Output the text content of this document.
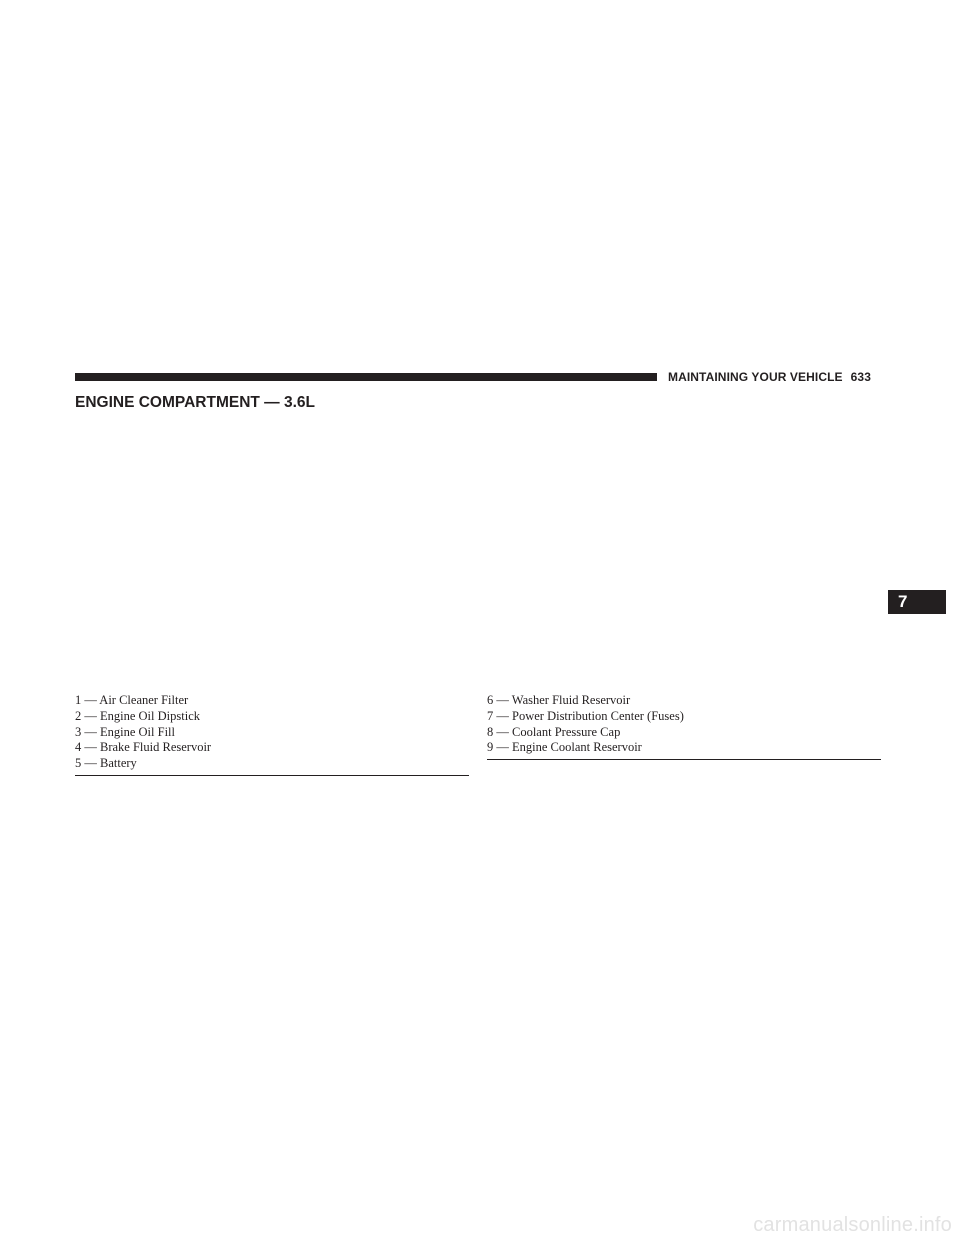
MAINTAINING YOUR VEHICLE 633
ENGINE COMPARTMENT — 3.6L
1 — Air Cleaner Filter
2 — Engine Oil Dipstick
3 — Engine Oil Fill
4 — Brake Fluid Reservoir
5 — Battery
6 — Washer Fluid Reservoir
7 — Power Distribution Center (Fuses)
8 — Coolant Pressure Cap
9 — Engine Coolant Reservoir
7
carmanualsonline.info
